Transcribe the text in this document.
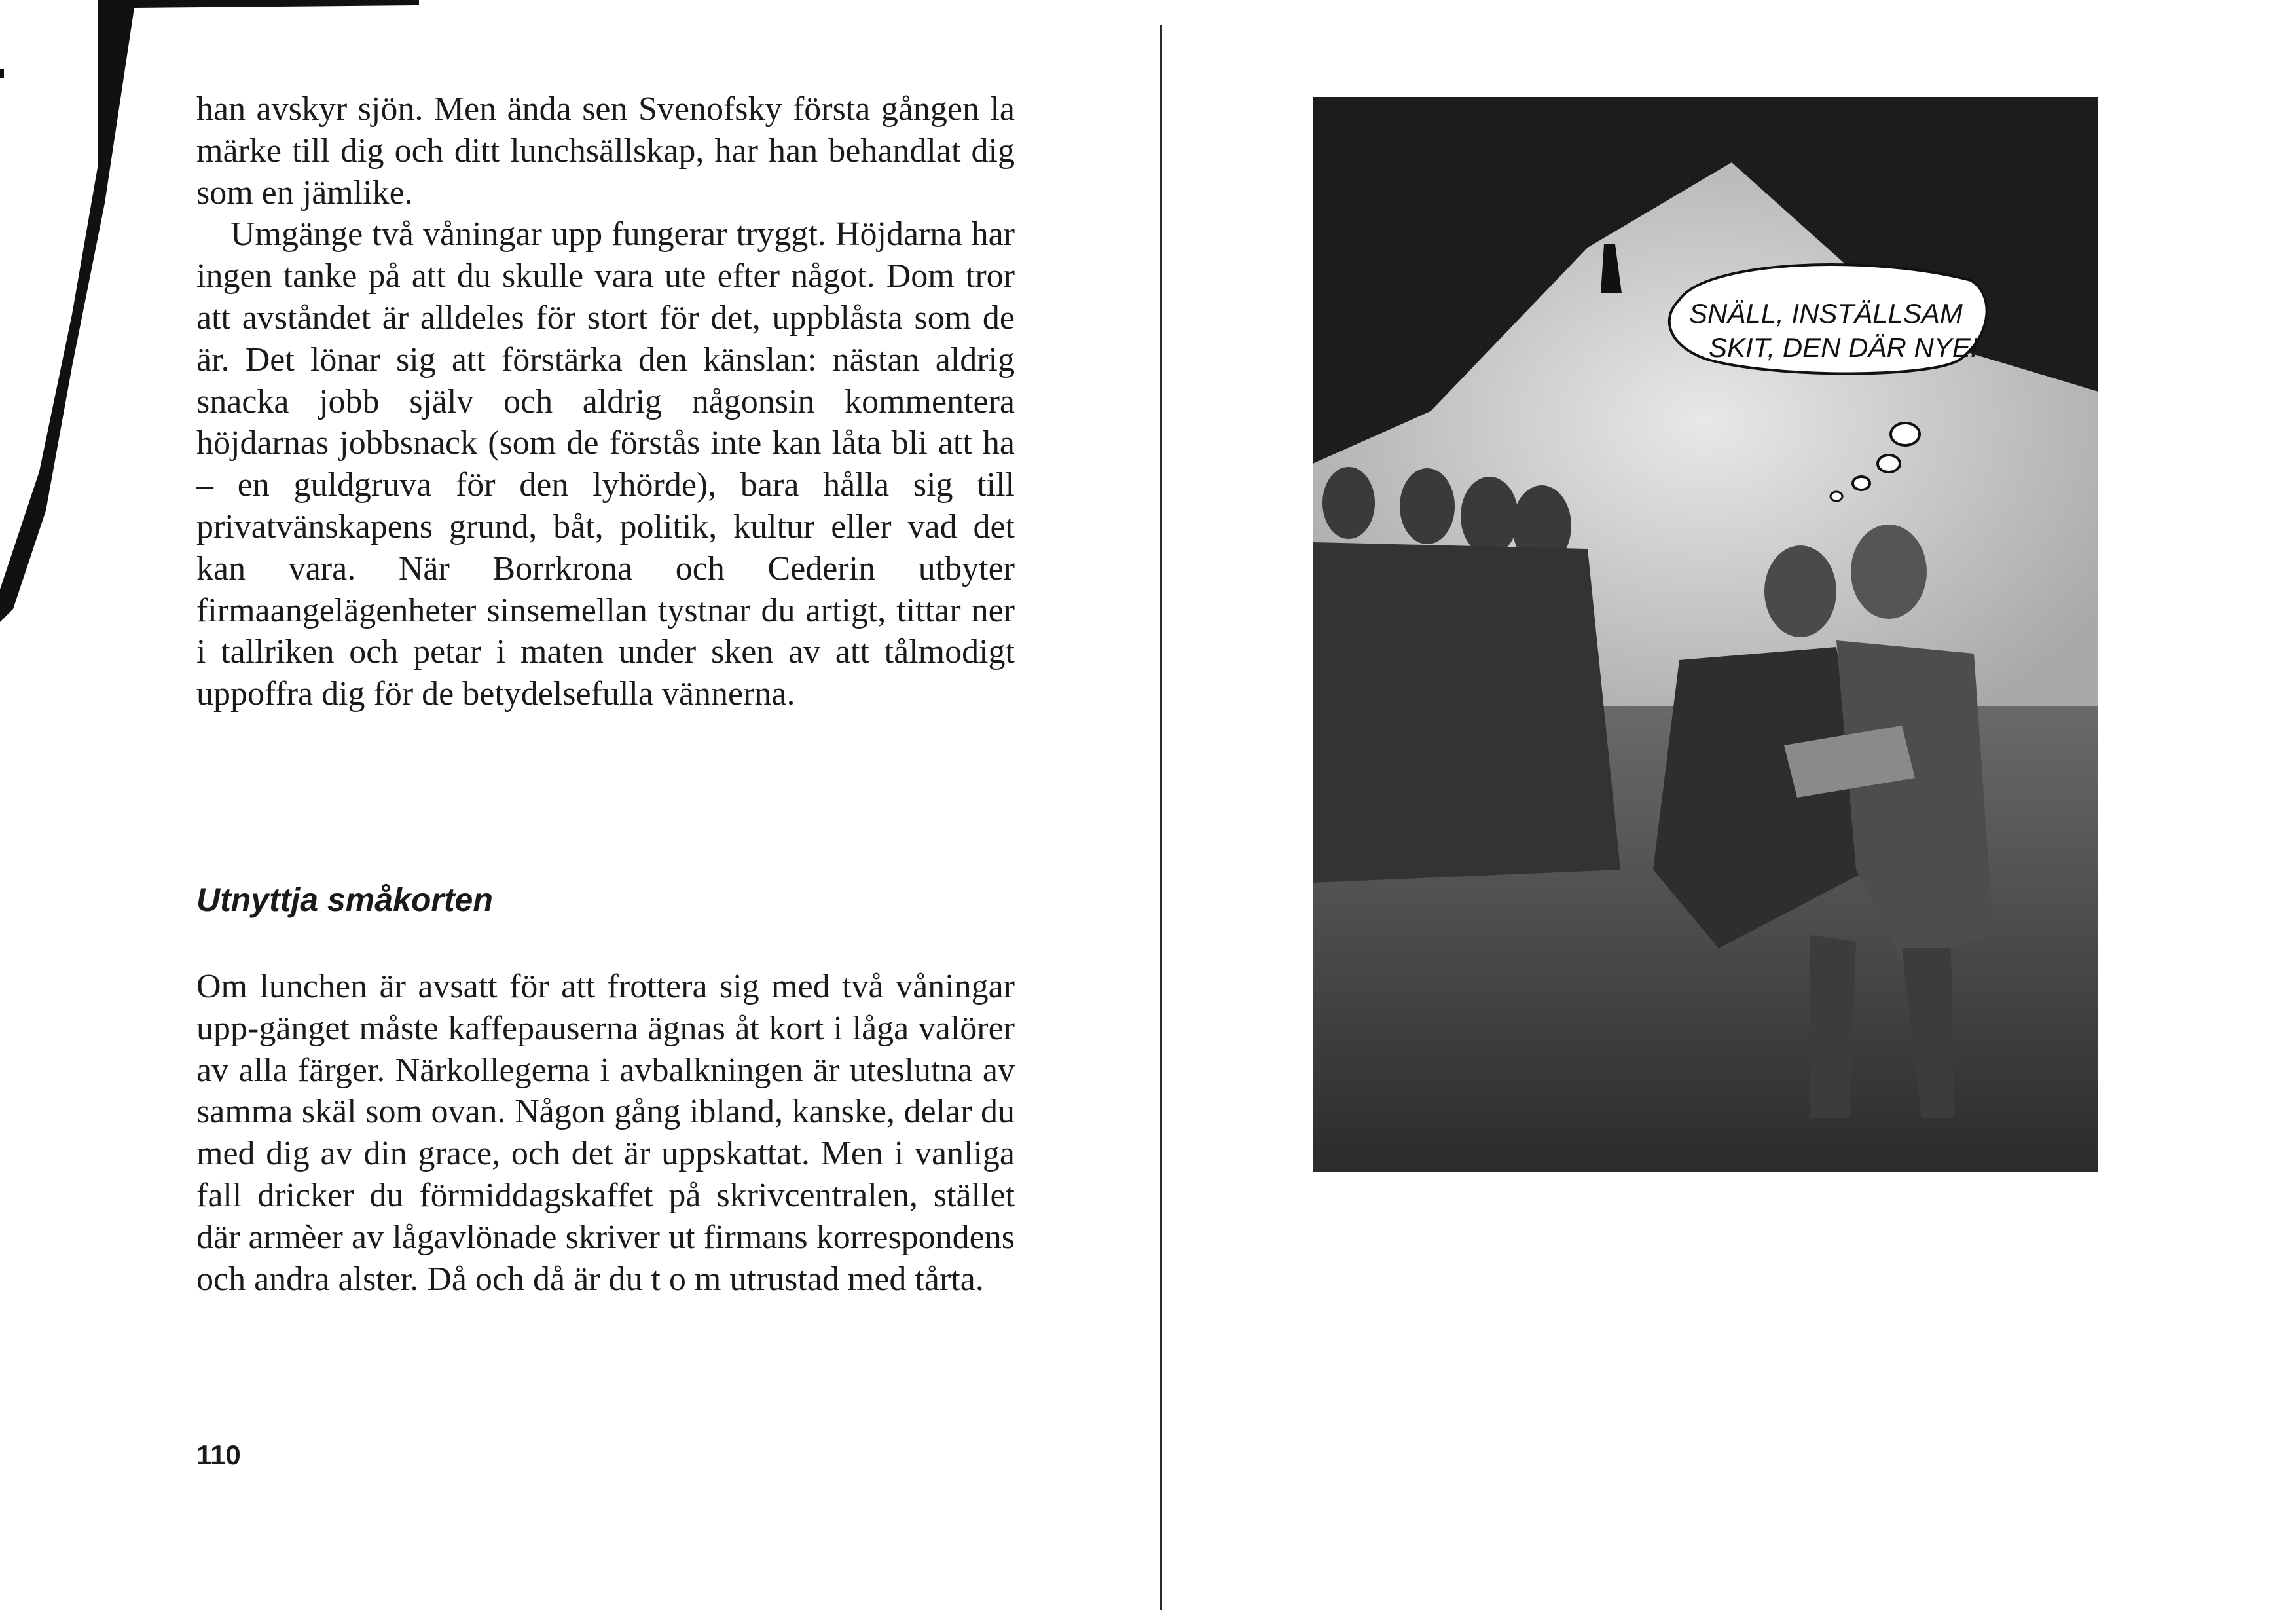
han avskyr sjön. Men ända sen Svenofsky första gången la märke till dig och ditt lunchsällskap, har han behandlat dig som en jämlike.

Umgänge två våningar upp fungerar tryggt. Höjdarna har ingen tanke på att du skulle vara ute efter något. Dom tror att avståndet är alldeles för stort för det, uppblåsta som de är. Det lönar sig att förstärka den känslan: nästan aldrig snacka jobb själv och aldrig någonsin kommentera höjdarnas jobbsnack (som de förstås inte kan låta bli att ha – en guldgruva för den lyhörde), bara hålla sig till privatvänskapens grund, båt, politik, kultur eller vad det kan vara. När Borrkrona och Cederin utbyter firmaangelägenheter sinsemellan tystnar du artigt, tittar ner i tallriken och petar i maten under sken av att tålmodigt uppoffra dig för de betydelsefulla vännerna.

Utnyttja småkorten

Om lunchen är avsatt för att frottera sig med två våningar upp-gänget måste kaffepauserna ägnas åt kort i låga valörer av alla färger. Närkollegerna i avbalkningen är uteslutna av samma skäl som ovan. Någon gång ibland, kanske, delar du med dig av din grace, och det är uppskattat. Men i vanliga fall dricker du förmiddagskaffet på skrivcentralen, stället där armèer av lågavlönade skriver ut firmans korrespondens och andra alster. Då och då är du t o m utrustad med tårta.

110
SNÄLL, INSTÄLLSAM
SKIT, DEN DÄR NYE!
